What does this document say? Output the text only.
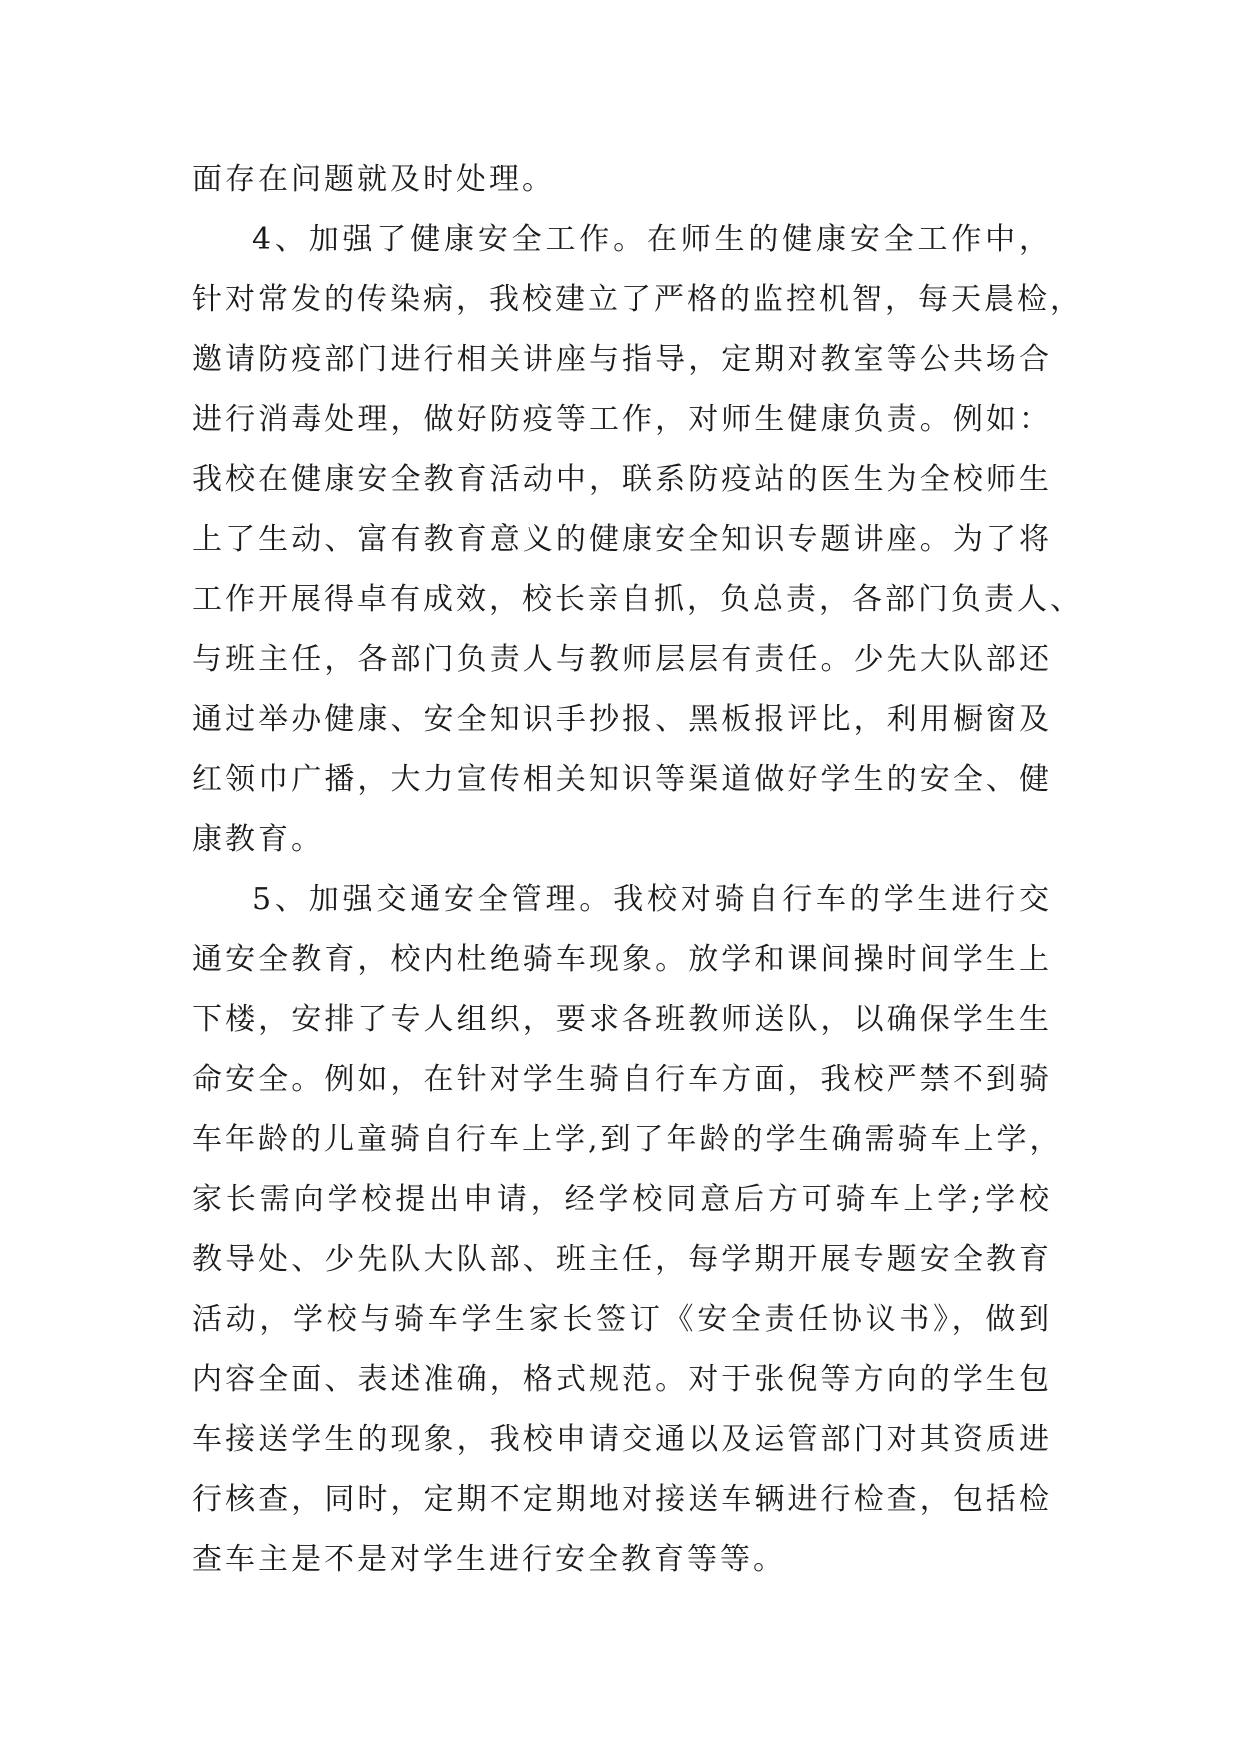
面存在问题就及时处理。
4、加强了健康安全工作。在师生的健康安全工作中，
针对常发的传染病，我校建立了严格的监控机智，每天晨检，
邀请防疫部门进行相关讲座与指导，定期对教室等公共场合
进行消毒处理，做好防疫等工作，对师生健康负责。例如：
我校在健康安全教育活动中，联系防疫站的医生为全校师生
上了生动、富有教育意义的健康安全知识专题讲座。为了将
工作开展得卓有成效，校长亲自抓，负总责，各部门负责人、
与班主任，各部门负责人与教师层层有责任。少先大队部还
通过举办健康、安全知识手抄报、黑板报评比，利用橱窗及
红领巾广播，大力宣传相关知识等渠道做好学生的安全、健
康教育。
5、加强交通安全管理。我校对骑自行车的学生进行交
通安全教育，校内杜绝骑车现象。放学和课间操时间学生上
下楼，安排了专人组织，要求各班教师送队，以确保学生生
命安全。例如，在针对学生骑自行车方面，我校严禁不到骑
车年龄的儿童骑自行车上学,到了年龄的学生确需骑车上学，
家长需向学校提出申请，经学校同意后方可骑车上学;学校
教导处、少先队大队部、班主任，每学期开展专题安全教育
活动，学校与骑车学生家长签订《安全责任协议书》，做到
内容全面、表述准确，格式规范。对于张倪等方向的学生包
车接送学生的现象，我校申请交通以及运管部门对其资质进
行核查，同时，定期不定期地对接送车辆进行检查，包括检
查车主是不是对学生进行安全教育等等。
